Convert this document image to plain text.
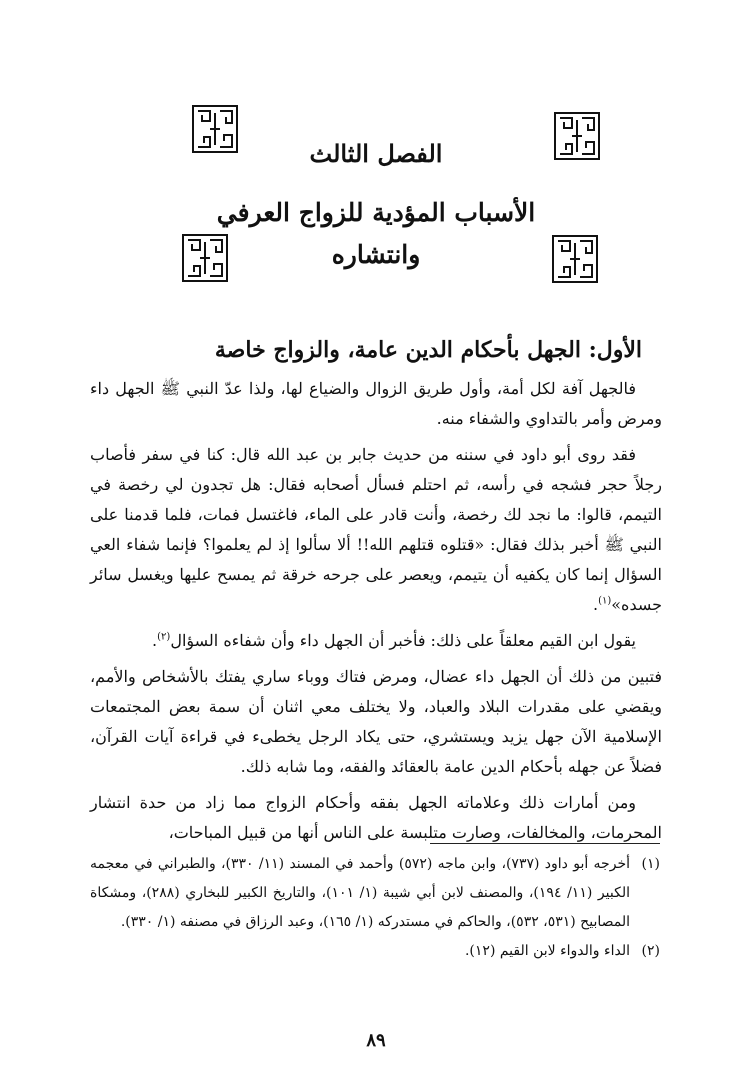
الفصل الثالث
الأسباب المؤدية للزواج العرفي
وانتشاره
الأول: الجهل بأحكام الدين عامة، والزواج خاصة

فالجهل آفة لكل أمة، وأول طريق الزوال والضياع لها، ولذا عدّ النبي ﷺ الجهل داء ومرض وأمر بالتداوي والشفاء منه.

فقد روى أبو داود في سننه من حديث جابر بن عبد الله قال: كنا في سفر فأصاب رجلاً حجر فشجه في رأسه، ثم احتلم فسأل أصحابه فقال: هل تجدون لي رخصة في التيمم، قالوا: ما نجد لك رخصة، وأنت قادر على الماء، فاغتسل فمات، فلما قدمنا على النبي ﷺ أخبر بذلك فقال: «قتلوه قتلهم الله!! ألا سألوا إذ لم يعلموا؟ فإنما شفاء العي السؤال إنما كان يكفيه أن يتيمم، ويعصر على جرحه خرقة ثم يمسح عليها ويغسل سائر جسده»$^{(١)}$.

يقول ابن القيم معلقاً على ذلك: فأخبر أن الجهل داء وأن شفاءه السؤال$^{(٢)}$.

فتبين من ذلك أن الجهل داء عضال، ومرض فتاك ووباء ساري يفتك بالأشخاص والأمم، ويقضي على مقدرات البلاد والعباد، ولا يختلف معي اثنان أن سمة بعض المجتمعات الإسلامية الآن جهل يزيد ويستشري، حتى يكاد الرجل يخطىء في قراءة آيات القرآن، فضلاً عن جهله بأحكام الدين عامة بالعقائد والفقه، وما شابه ذلك.

ومن أمارات ذلك وعلاماته الجهل بفقه وأحكام الزواج مما زاد من حدة انتشار المحرمات، والمخالفات، وصارت متلبسة على الناس أنها من قبيل المباحات،

(١)
أخرجه أبو داود (٧٣٧)، وابن ماجه (٥٧٢) وأحمد في المسند (١١/ ٣٣٠)، والطبراني في معجمه الكبير (١١/ ١٩٤)، والمصنف لابن أبي شيبة (١/ ١٠١)، والتاريخ الكبير للبخاري (٢٨٨)، ومشكاة المصابيح (٥٣١، ٥٣٢)، والحاكم في مستدركه (١/ ١٦٥)، وعبد الرزاق في مصنفه (١/ ٣٣٠).
(٢)
الداء والدواء لابن القيم (١٢).
٨٩
